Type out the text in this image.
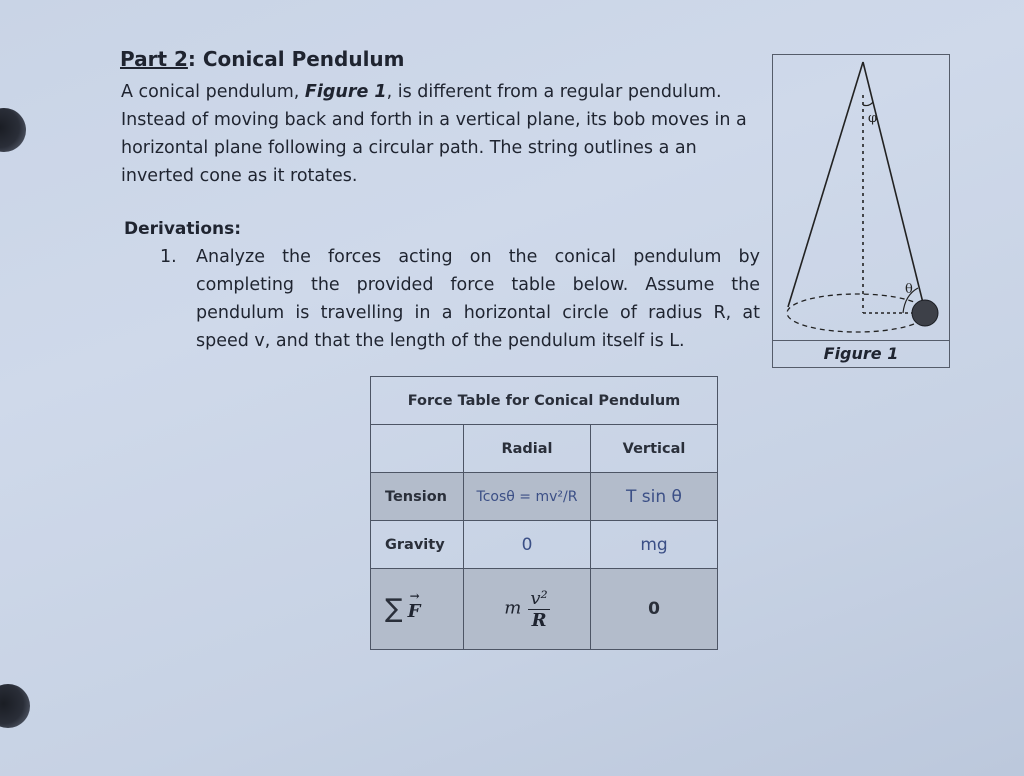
Part 2: Conical Pendulum

A conical pendulum, Figure 1, is different from a regular pendulum. Instead of moving back and forth in a vertical plane, its bob moves in a horizontal plane following a circular path. The string outlines a an inverted cone as it rotates.

Derivations:

1.	Analyze the forces acting on the conical pendulum by completing the provided force table below. Assume the pendulum is travelling in a horizontal circle of radius R, at speed v, and that the length of the pendulum itself is L.
φ
θ
Figure 1
Force Table for Conical Pendulum		
	Radial	Vertical
Tension	Tcosθ = mv²/R	T sin θ
Gravity	0	mg
∑ →
F	m $\frac{\text{v²}}{R}$	0
